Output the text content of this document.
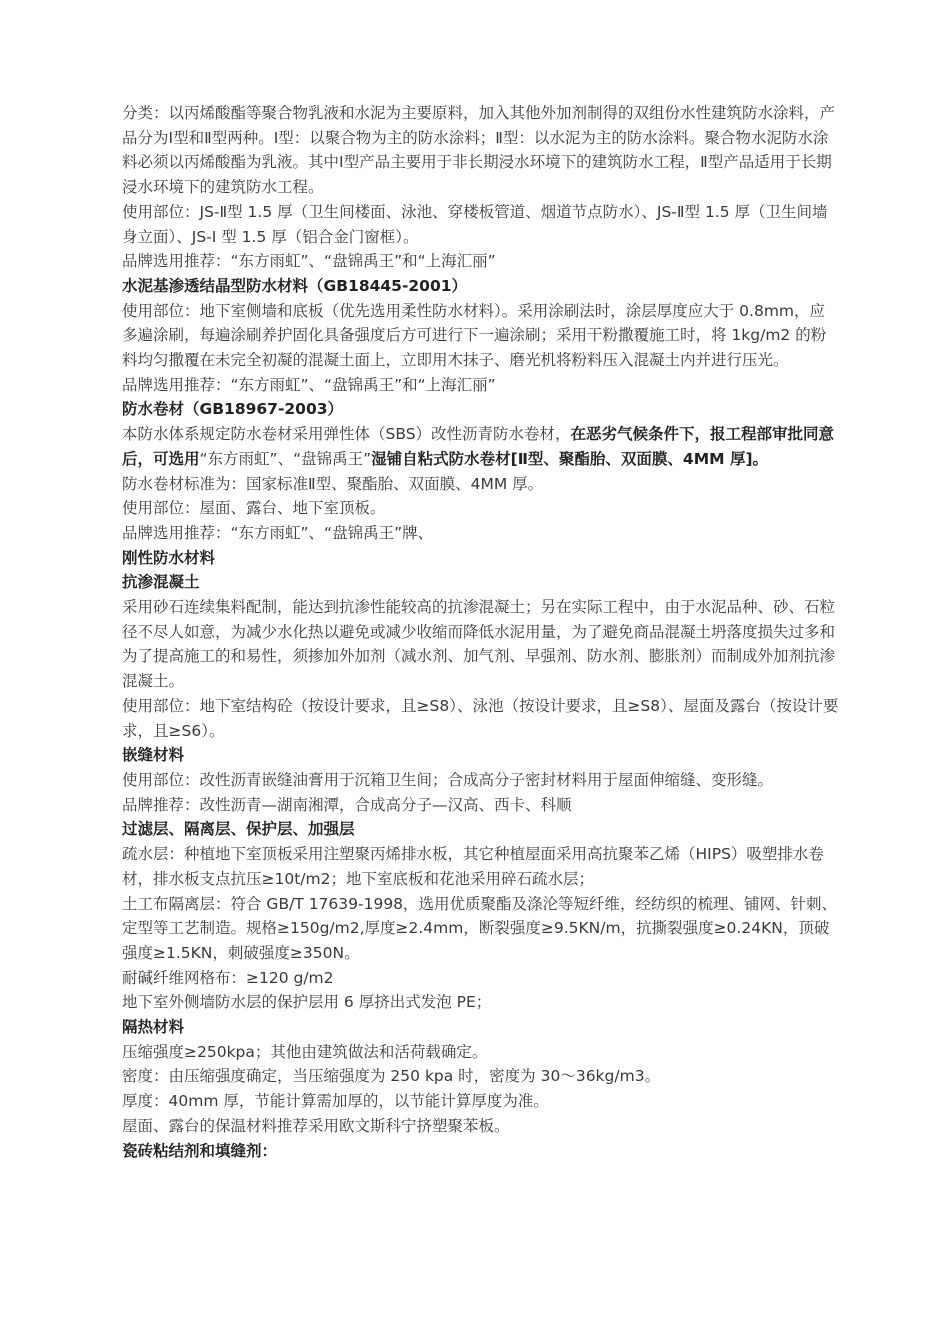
分类：以丙烯酸酯等聚合物乳液和水泥为主要原料，加入其他外加剂制得的双组份水性建筑防水涂料，产品分为Ⅰ型和Ⅱ型两种。Ⅰ型：以聚合物为主的防水涂料；Ⅱ型：以水泥为主的防水涂料。聚合物水泥防水涂料必须以丙烯酸酯为乳液。其中Ⅰ型产品主要用于非长期浸水环境下的建筑防水工程，Ⅱ型产品适用于长期浸水环境下的建筑防水工程。

使用部位：JS-Ⅱ型 1.5 厚（卫生间楼面、泳池、穿楼板管道、烟道节点防水）、JS-Ⅱ型 1.5 厚（卫生间墙身立面）、JS-Ⅰ 型 1.5 厚（铝合金门窗框）。

品牌选用推荐：“东方雨虹”、“盘锦禹王”和“上海汇丽”

水泥基渗透结晶型防水材料（GB18445-2001）

使用部位：地下室侧墙和底板（优先选用柔性防水材料）。采用涂刷法时，涂层厚度应大于 0.8mm，应多遍涂刷，每遍涂刷养护固化具备强度后方可进行下一遍涂刷；采用干粉撒覆施工时，将 1kg/m2 的粉料均匀撒覆在未完全初凝的混凝土面上，立即用木抹子、磨光机将粉料压入混凝土内并进行压光。

品牌选用推荐：“东方雨虹”、“盘锦禹王”和“上海汇丽”

防水卷材（GB18967-2003）

本防水体系规定防水卷材采用弹性体（SBS）改性沥青防水卷材，在恶劣气候条件下，报工程部审批同意后，可选用“东方雨虹”、“盘锦禹王”湿铺自粘式防水卷材[Ⅱ型、聚酯胎、双面膜、4MM 厚]。

防水卷材标准为：国家标准Ⅱ型、聚酯胎、双面膜、4MM 厚。

使用部位：屋面、露台、地下室顶板。

品牌选用推荐：“东方雨虹”、“盘锦禹王”牌、

刚性防水材料

抗渗混凝土

采用砂石连续集料配制，能达到抗渗性能较高的抗渗混凝土；另在实际工程中，由于水泥品种、砂、石粒径不尽人如意，为减少水化热以避免或减少收缩而降低水泥用量，为了避免商品混凝土坍落度损失过多和为了提高施工的和易性，须掺加外加剂（减水剂、加气剂、早强剂、防水剂、膨胀剂）而制成外加剂抗渗混凝土。

使用部位：地下室结构砼（按设计要求，且≥S8）、泳池（按设计要求，且≥S8）、屋面及露台（按设计要求，且≥S6）。

嵌缝材料

使用部位：改性沥青嵌缝油膏用于沉箱卫生间；合成高分子密封材料用于屋面伸缩缝、变形缝。

品牌推荐：改性沥青—湖南湘潭，合成高分子—汉高、西卡、科顺

过滤层、隔离层、保护层、加强层

疏水层：种植地下室顶板采用注塑聚丙烯排水板，其它种植屋面采用高抗聚苯乙烯（HIPS）吸塑排水卷材，排水板支点抗压≥10t/m2；地下室底板和花池采用碎石疏水层；

土工布隔离层：符合 GB/T 17639-1998，选用优质聚酯及涤沦等短纤维，经纺织的梳理、铺网、针刺、定型等工艺制造。规格≥150g/m2,厚度≥2.4mm，断裂强度≥9.5KN/m，抗撕裂强度≥0.24KN，顶破强度≥1.5KN，刺破强度≥350N。

耐碱纤维网格布：≥120 g/m2

地下室外侧墙防水层的保护层用 6 厚挤出式发泡 PE；

隔热材料

压缩强度≥250kpa；其他由建筑做法和活荷载确定。

密度：由压缩强度确定，当压缩强度为 250 kpa 时，密度为 30～36kg/m3。

厚度：40mm 厚，节能计算需加厚的，以节能计算厚度为准。

屋面、露台的保温材料推荐采用欧文斯科宁挤塑聚苯板。

瓷砖粘结剂和填缝剂：
